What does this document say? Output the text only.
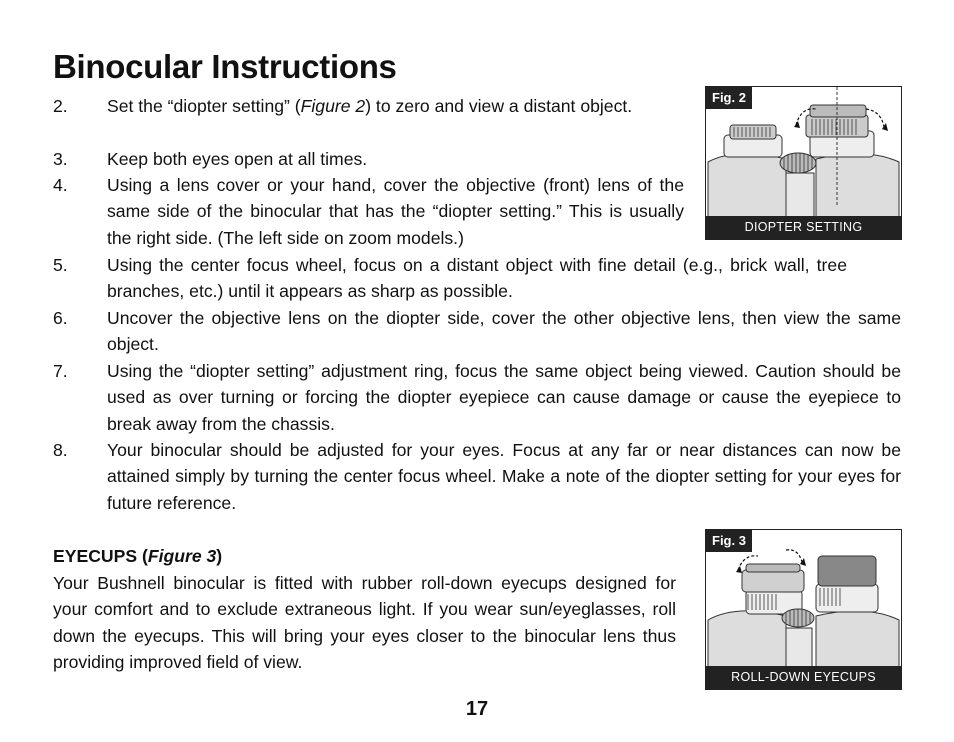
Binocular Instructions
2. Set the “diopter setting” (Figure 2) to zero and view a distant object.
3. Keep both eyes open at all times.
4. Using a lens cover or your hand, cover the objective (front) lens of the same side of the binocular that has the “diopter setting.” This is usually the right side. (The left side on zoom models.)
5. Using the center focus wheel, focus on a distant object with fine detail (e.g., brick wall, tree branches, etc.) until it appears as sharp as possible.
6. Uncover the objective lens on the diopter side, cover the other objective lens, then view the same object.
7. Using the “diopter setting” adjustment ring, focus the same object being viewed. Caution should be used as over turning or forcing the diopter eyepiece can cause damage or cause the eyepiece to break away from the chassis.
8. Your binocular should be adjusted for your eyes. Focus at any far or near distances can now be attained simply by turning the center focus wheel. Make a note of the diopter setting for your eyes for future reference.
EYECUPS (Figure 3)
Your Bushnell binocular is fitted with rubber roll-down eyecups designed for your comfort and to exclude extraneous light. If you wear sun/eyeglasses, roll down the eyecups. This will bring your eyes closer to the binocular lens thus providing improved field of view.
Fig. 2
DIOPTER SETTING
Fig. 3
ROLL-DOWN EYECUPS
17
